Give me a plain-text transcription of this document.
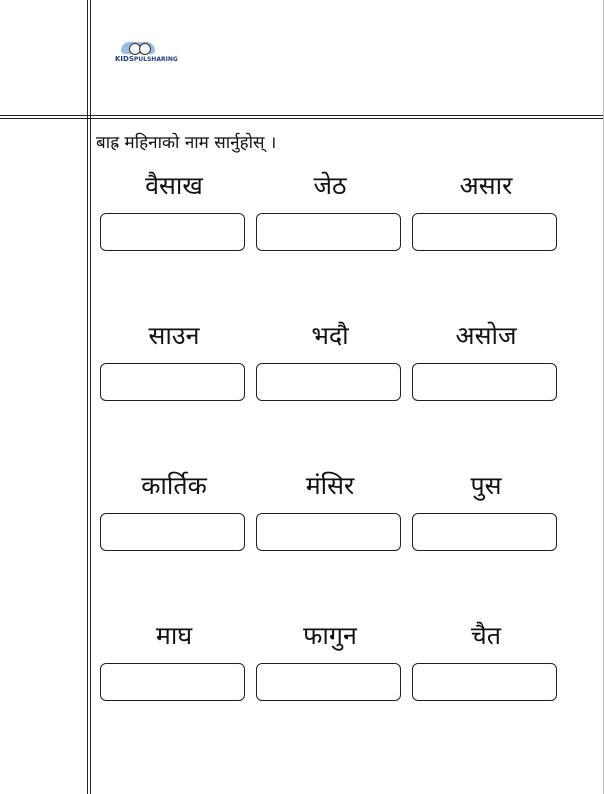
KIDSPULSHARING
बाह्र महिनाको नाम सार्नुहोस् ।
वैसाख	जेठ	असार
साउन	भदौ	असोज
कार्तिक	मंसिर	पुस
माघ	फागुन	चैत
